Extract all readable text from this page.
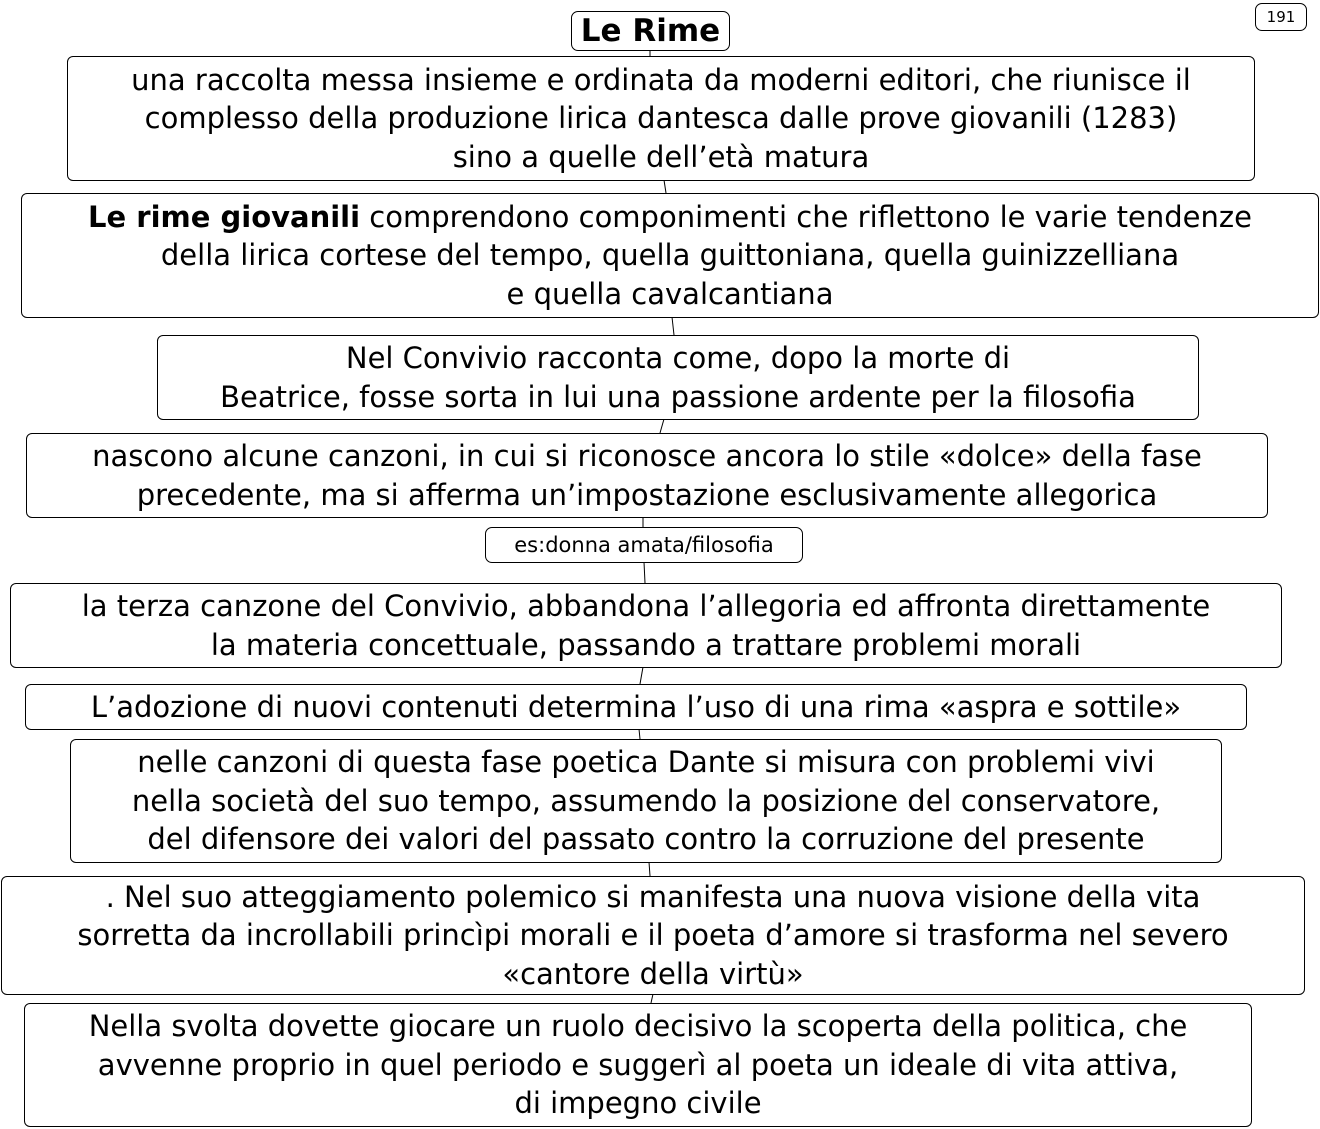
191
Le Rime
una raccolta messa insieme e ordinata da moderni editori, che riunisce il
complesso della produzione lirica dantesca dalle prove giovanili (1283)
sino a quelle dell’età matura
Le rime giovanili comprendono componimenti che riflettono le varie tendenze
della lirica cortese del tempo, quella guittoniana, quella guinizzelliana
e quella cavalcantiana
Nel Convivio racconta come, dopo la morte di
Beatrice, fosse sorta in lui una passione ardente per la filosofia
nascono alcune canzoni, in cui si riconosce ancora lo stile «dolce» della fase
precedente, ma si afferma un’impostazione esclusivamente allegorica
es:donna amata/filosofia
la terza canzone del Convivio, abbandona l’allegoria ed affronta direttamente
la materia concettuale, passando a trattare problemi morali
L’adozione di nuovi contenuti determina l’uso di una rima «aspra e sottile»
nelle canzoni di questa fase poetica Dante si misura con problemi vivi
nella società del suo tempo, assumendo la posizione del conservatore,
del difensore dei valori del passato contro la corruzione del presente
. Nel suo atteggiamento polemico si manifesta una nuova visione della vita
sorretta da incrollabili princìpi morali e il poeta d’amore si trasforma nel severo
«cantore della virtù»
Nella svolta dovette giocare un ruolo decisivo la scoperta della politica, che
avvenne proprio in quel periodo e suggerì al poeta un ideale di vita attiva,
di impegno civile
